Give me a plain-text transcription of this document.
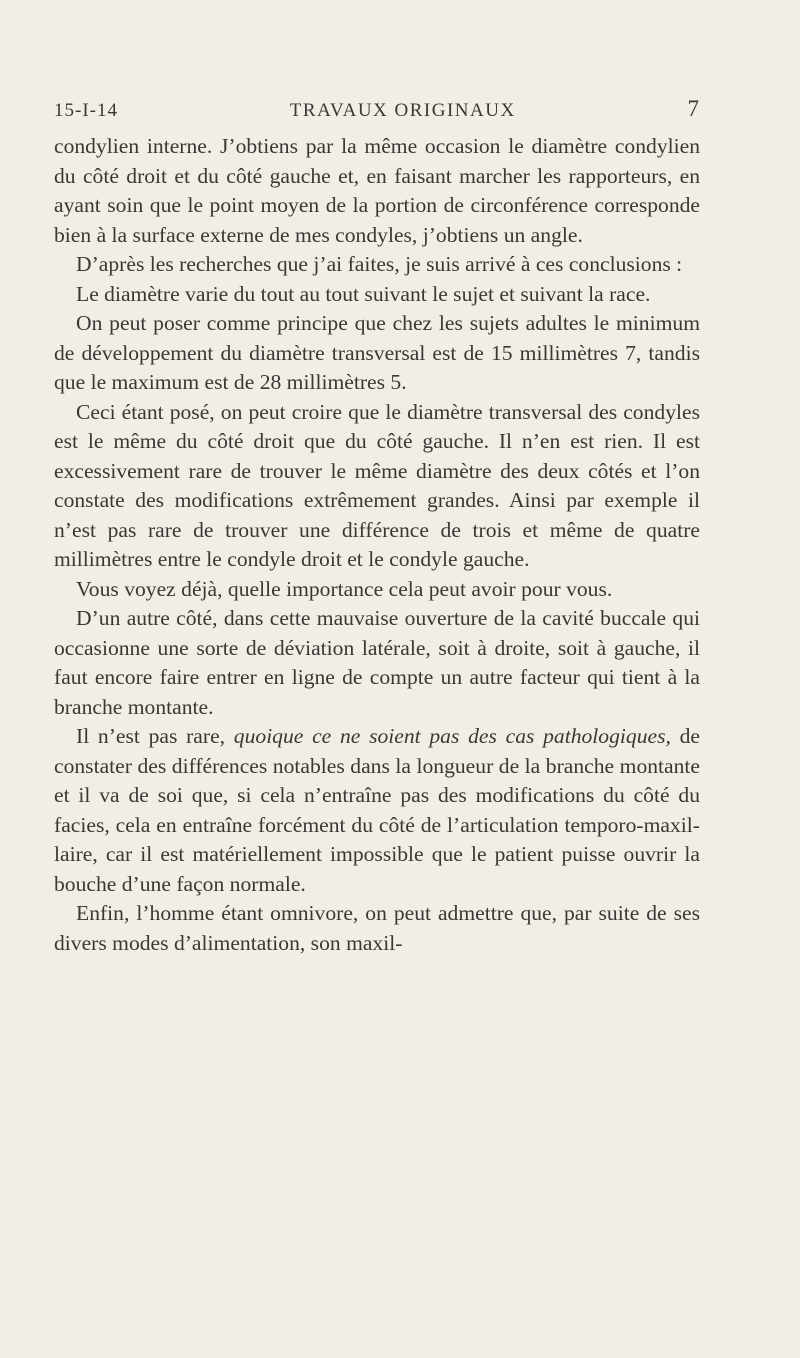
15-I-14	TRAVAUX ORIGINAUX	7

condylien interne. J’obtiens par la même occasion le diamètre condylien du côté droit et du côté gauche et, en faisant marcher les rapporteurs, en ayant soin que le point moyen de la portion de circonférence corresponde bien à la surface externe de mes condyles, j’obtiens un angle.

D’après les recherches que j’ai faites, je suis arrivé à ces conclusions :

Le diamètre varie du tout au tout suivant le sujet et suivant la race.

On peut poser comme principe que chez les sujets adultes le minimum de développement du diamètre transversal est de 15 millimètres 7, tandis que le maximum est de 28 millimètres 5.

Ceci étant posé, on peut croire que le diamètre transversal des condyles est le même du côté droit que du côté gauche. Il n’en est rien. Il est excessivement rare de trouver le même diamètre des deux côtés et l’on constate des modifications extrêmement grandes. Ainsi par exemple il n’est pas rare de trouver une différence de trois et même de quatre millimètres entre le condyle droit et le condyle gauche.

Vous voyez déjà, quelle importance cela peut avoir pour vous.

D’un autre côté, dans cette mauvaise ouverture de la cavité buccale qui occasionne une sorte de déviation latérale, soit à droite, soit à gauche, il faut encore faire entrer en ligne de compte un autre facteur qui tient à la branche montante.

Il n’est pas rare, quoique ce ne soient pas des cas pathologiques, de constater des différences notables dans la longueur de la branche montante et il va de soi que, si cela n’entraîne pas des modifications du côté du facies, cela en entraîne forcément du côté de l’articulation temporo-maxillaire, car il est matériellement impossible que le patient puisse ouvrir la bouche d’une façon normale.

Enfin, l’homme étant omnivore, on peut admettre que, par suite de ses divers modes d’alimentation, son maxil-
